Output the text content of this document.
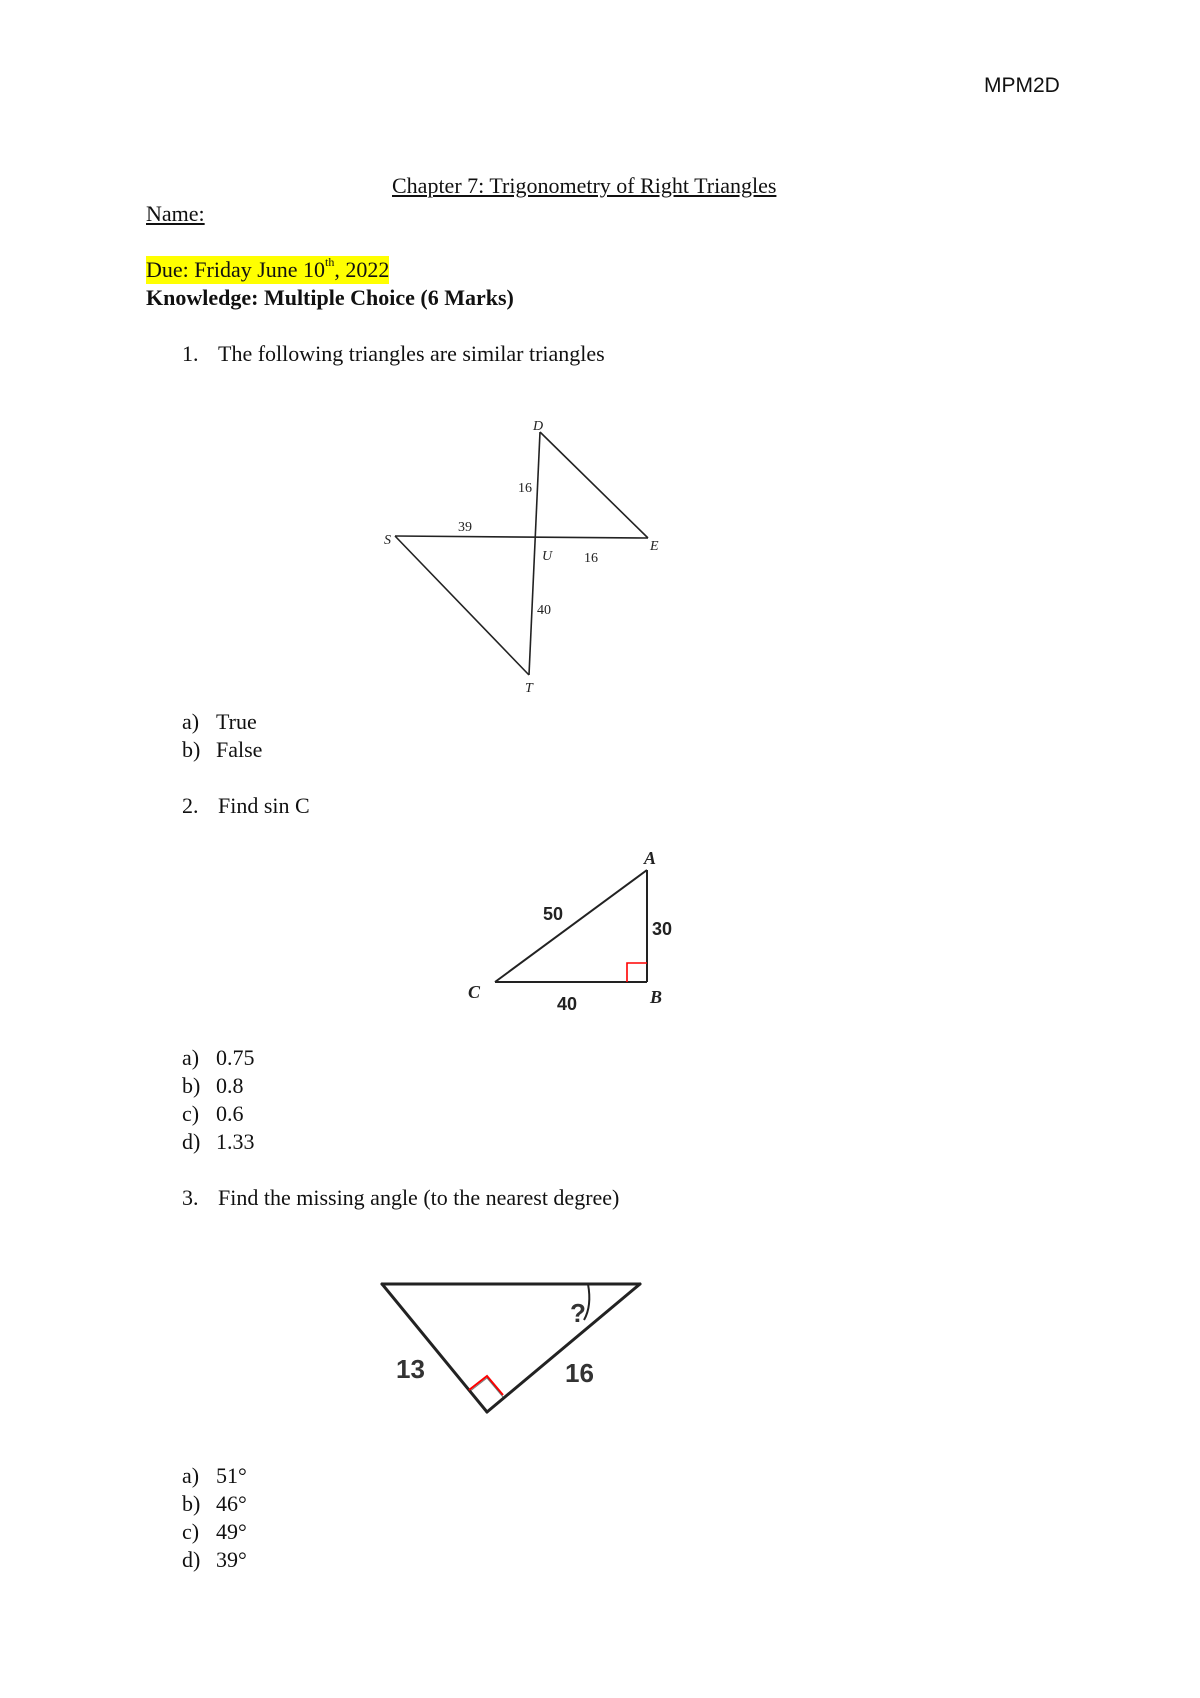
MPM2D
Chapter 7: Trigonometry of Right Triangles
Name:
Due: Friday June 10th, 2022
Knowledge: Multiple Choice (6 Marks)
1. The following triangles are similar triangles
D
S
U
E
T
16
39
16
40
a) True
b) False
2. Find sin C
A
B
C
50
30
40
a) 0.75
b) 0.8
c) 0.6
d) 1.33
3. Find the missing angle (to the nearest degree)
13	16
?
a) 51°
b) 46°
c) 49°
d) 39°
